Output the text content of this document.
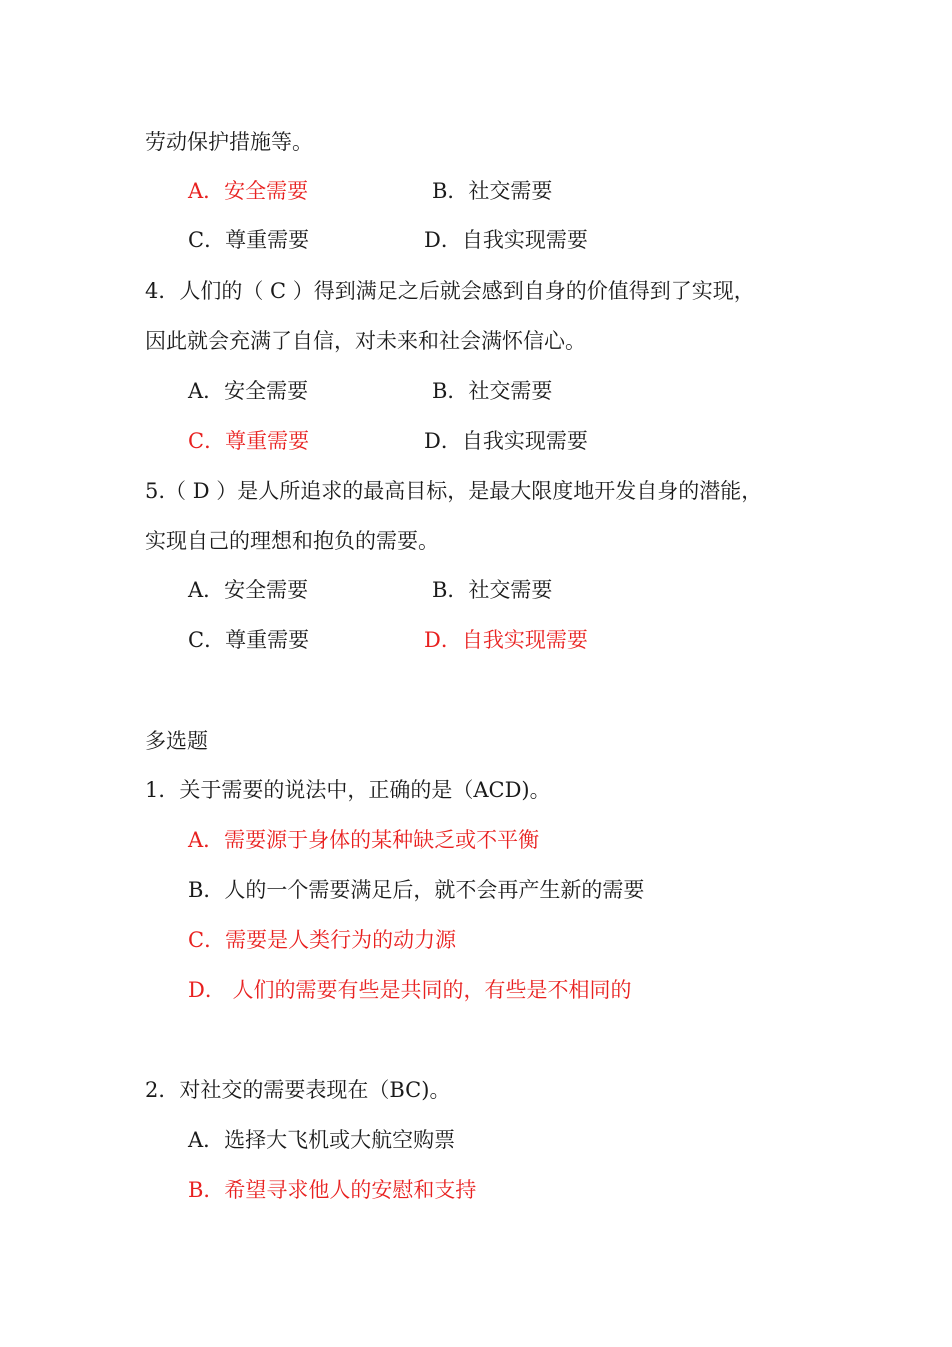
劳动保护措施等。
A．安全需要	B．社交需要
C．尊重需要	D．自我实现需要
4．人们的（ C ）得到满足之后就会感到自身的价值得到了实现，
因此就会充满了自信，对未来和社会满怀信心。
A．安全需要	B．社交需要
C．尊重需要	D．自我实现需要
5.（ D ）是人所追求的最高目标，是最大限度地开发自身的潜能，
实现自己的理想和抱负的需要。
A．安全需要	B．社交需要
C．尊重需要	D．自我实现需要
多选题
1．关于需要的说法中，正确的是（ACD)。
A．需要源于身体的某种缺乏或不平衡
B．人的一个需要满足后，就不会再产生新的需要
C．需要是人类行为的动力源
D． 人们的需要有些是共同的，有些是不相同的
2．对社交的需要表现在（BC)。
A．选择大飞机或大航空购票
B．希望寻求他人的安慰和支持
